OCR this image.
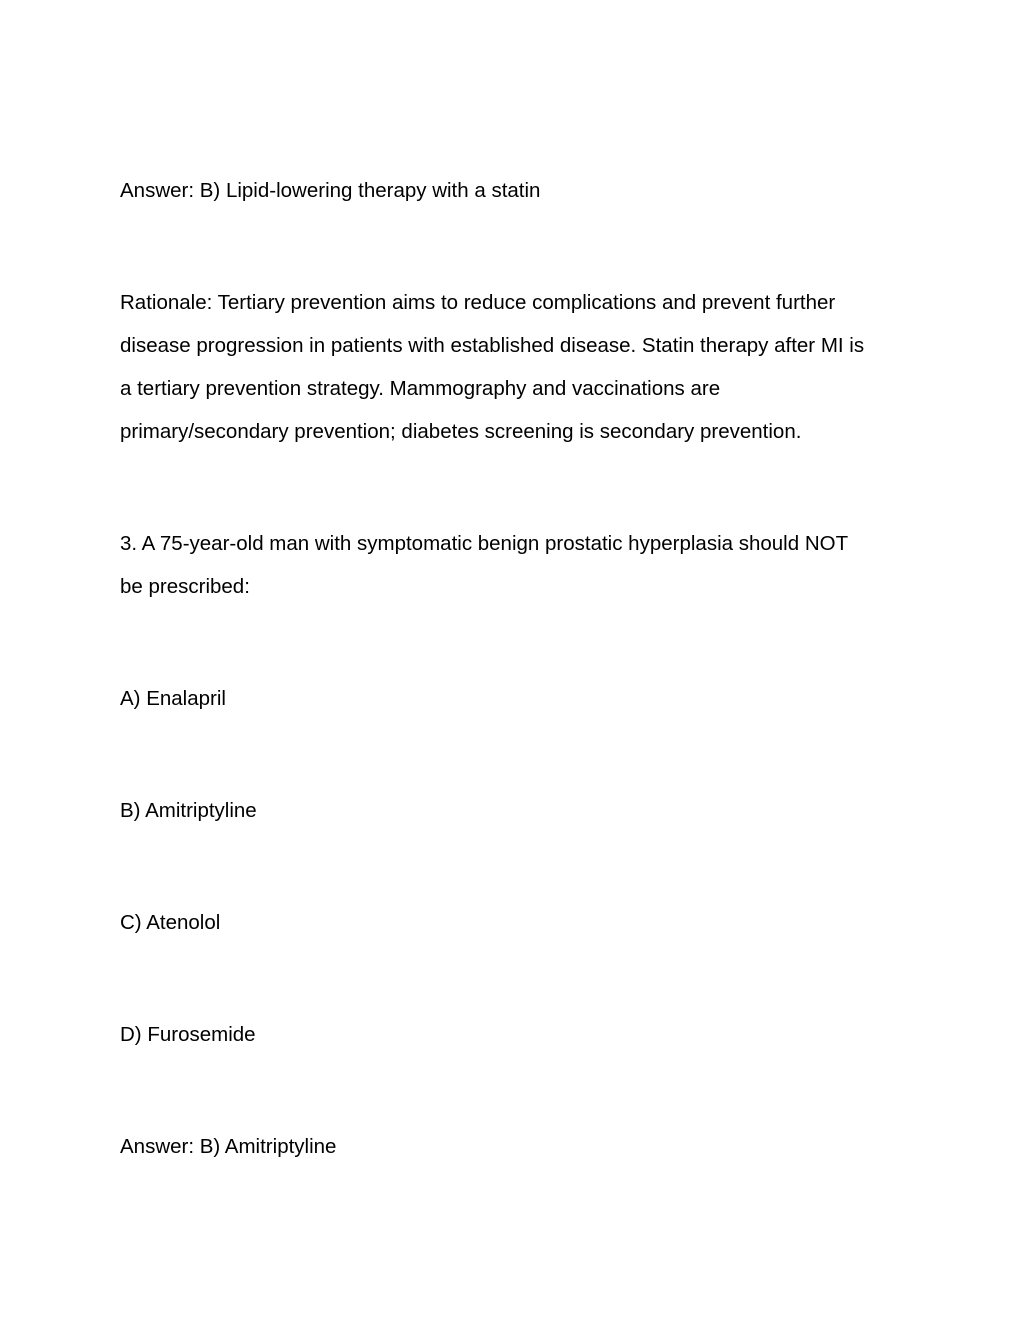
Answer: B) Lipid-lowering therapy with a statin

Rationale: Tertiary prevention aims to reduce complications and prevent further

disease progression in patients with established disease. Statin therapy after MI is

a tertiary prevention strategy. Mammography and vaccinations are

primary/secondary prevention; diabetes screening is secondary prevention.

3. A 75-year-old man with symptomatic benign prostatic hyperplasia should NOT

be prescribed:

A) Enalapril

B) Amitriptyline

C) Atenolol

D) Furosemide

Answer: B) Amitriptyline
